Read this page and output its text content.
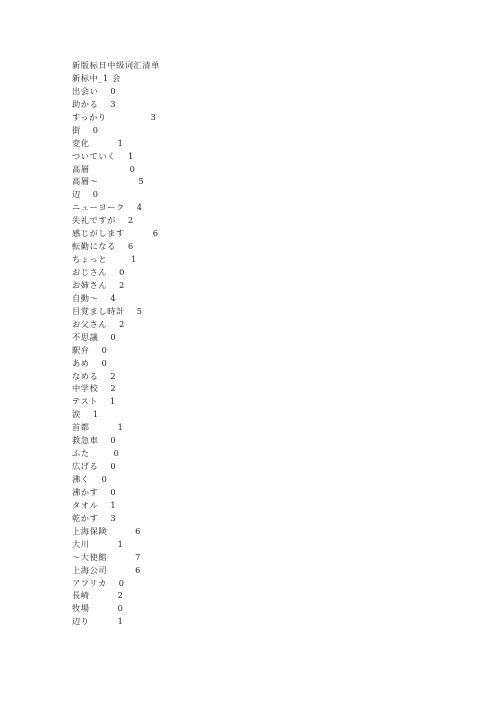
新版标日中级词汇清单
新标中_1 会
出会い 0
助かる 3
すっかり	3
街 0
変化	1
ついていく 1
高層	0
高層～	5
辺 0
ニューヨーク 4
失礼ですが 2
感じがします	6
転勤になる 6
ちょっと	1
おじさん 0
お姉さん 2
自動～ 4
目覚まし時計 5
お父さん 2
不思議 0
駅弁 0
あめ 0
なめる 2
中学校 2
テスト 1
涙 1
首都	1
救急車 0
ふた	0
広げる 0
沸く 0
沸かす 0
タオル 1
乾かす 3
上海保険	6
大川	1
～大使館	7
上海公司	6
アフリカ 0
長崎	2
牧場	0
辺り	1
